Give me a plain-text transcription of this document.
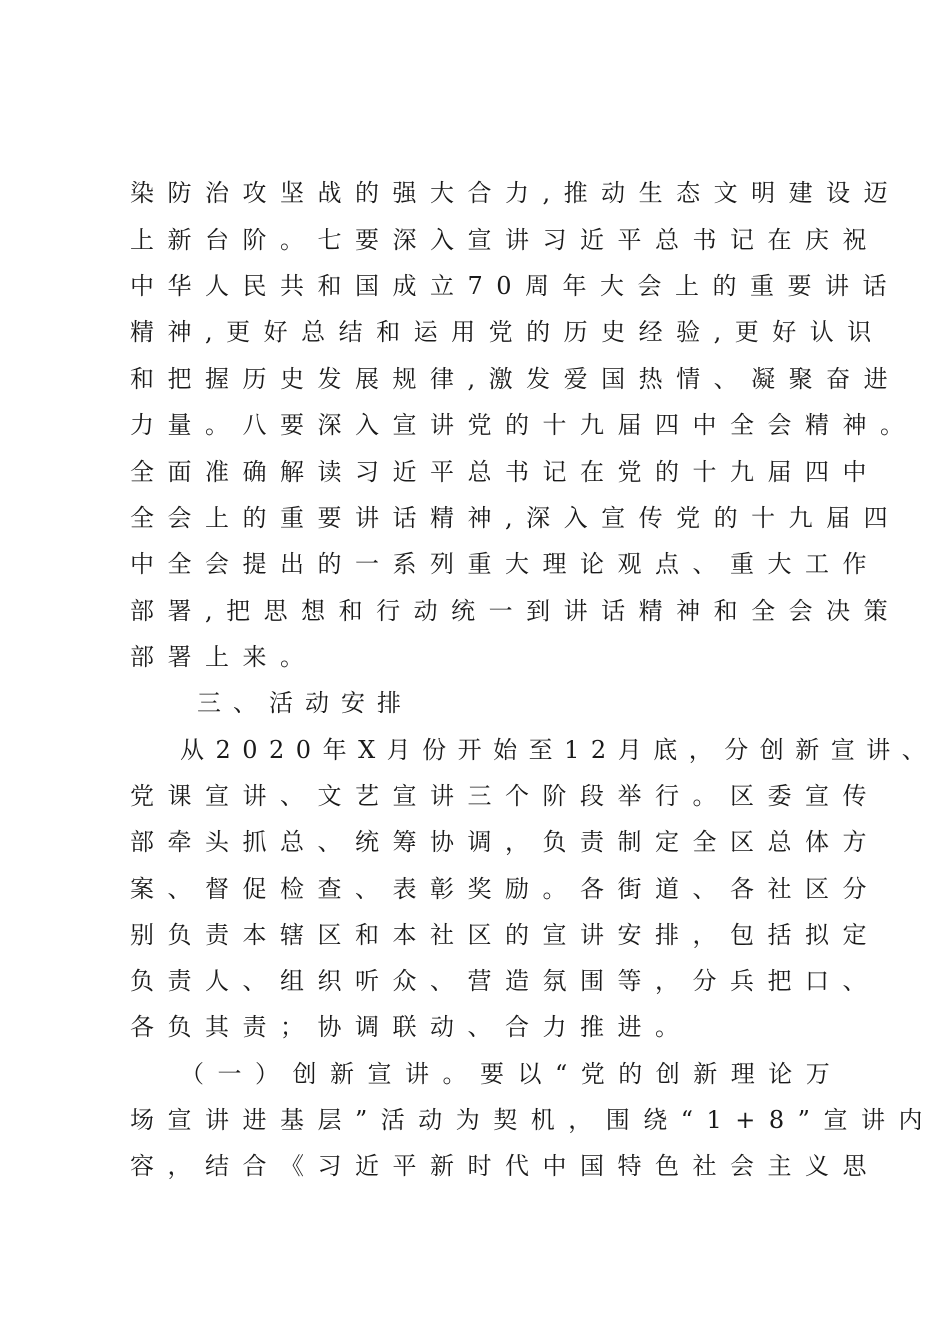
染防治攻坚战的强大合力,推动生态文明建设迈
上新台阶。七要深入宣讲习近平总书记在庆祝
中华人民共和国成立70周年大会上的重要讲话
精神,更好总结和运用党的历史经验,更好认识
和把握历史发展规律,激发爱国热情、凝聚奋进
力量。八要深入宣讲党的十九届四中全会精神。
全面准确解读习近平总书记在党的十九届四中
全会上的重要讲话精神,深入宣传党的十九届四
中全会提出的一系列重大理论观点、重大工作
部署,把思想和行动统一到讲话精神和全会决策
部署上来。
三、活动安排
从2020年X月份开始至12月底，分创新宣讲、
党课宣讲、文艺宣讲三个阶段举行。区委宣传
部牵头抓总、统筹协调，负责制定全区总体方
案、督促检查、表彰奖励。各街道、各社区分
别负责本辖区和本社区的宣讲安排，包括拟定
负责人、组织听众、营造氛围等，分兵把口、
各负其责；协调联动、合力推进。
（一）创新宣讲。要以“党的创新理论万
场宣讲进基层”活动为契机，围绕“1+8”宣讲内
容，结合《习近平新时代中国特色社会主义思
